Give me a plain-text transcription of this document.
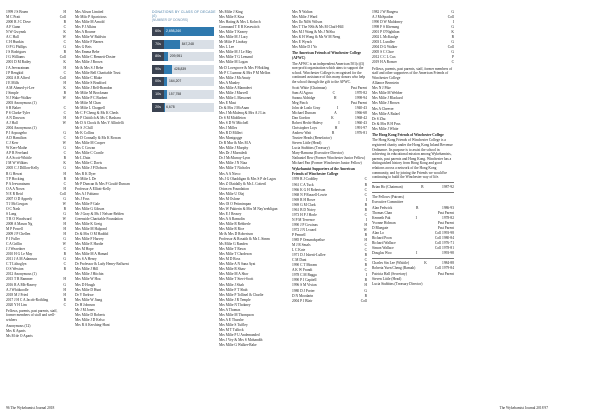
1999 J S Bruen	H
M C Pratt	Coll
2000 R J C Dove	B
A F Gunn	C
N W Gwynnk	K
A C Hall	W
C H Hunkin	C
O P G Phillips	G
J S Rodrigues	B
J G Williams	Coll
2001 D M Bailey	K
J A Jeevaratnam	H
J P Rengkid	C
2002 A R Alfred	Coll
J E Mills	H
A M Ahmed-yi-Lee	K
J Simple	B
N J Wake-Walker	W
2003 Anonymous (1)
S B Baker	C
P S Clarke-Tyler	C
A N Dawson	H
A J Hall	W
2004 Anonymous (1)
P J Arpoagebo	G
A D Hamilton	C
C J Kerr	W
W Kerr-Mathe	G
A P R Ferelund	C
A A Scott-Whittle	B
J M W Wilkins	K
2005 C J Dilllon-Kelly	G
R G Hewat	H
T P Hocking	B
P A Jeevaratnam	C
O A A Nown	H
N E R Reid	Coll
2007 O D Appedy	G
T J McGovgan	W
O C Nash	B
S Lang	G
T R O Woodward	W
2008 A Mason Ng	H
M P Powell	H
2009 J P Chellen	H
F J Fuller	G
C A Grillin	W
J J Weavdner	C
2010 H G Le May	B
2011 J A M Adamson	G
C T Lithoglyn	C
O S Wexton	B
2012 Anonymous (1)
2015 T R Rammer	H
2016 R A Mh-Rasery	G
A J Whitkoodle	H
2018 M J Fried	H
2017 J H C A Jacob-Rothling	B
2020 Y H Lim	C
Fellows, parents, past parents, staff, former members of staff and well-wishers
Anonymous (12)
Mrs K Aparis
Ms M de O Aparis
Mrs Alison Limited
Mr Milo P Aparicious
Mrs Milie M Arnold
Mrs P J Alkins
Mrs A Bourne
Mrs Milie W Baldvin
Mrs Milie F Barnes
Mrs G Beis
Mrs Emma Bebe
Mrs Milie C Bennett-Doster
Mrs Milie J Brown
Mr & Mrs S J Bebe
Mrs Milie Bell Charitable Trust
Mrs Milie C Blake
Mrs Milie S Bradford
Mrs Milie J Bell-Brandon
Mr Milie M Brockman
Mrs Milie P C Burbert
Mr Milie M Chan
Mr Milie L Chappell
Mr C F Cheng & Ms K Cheds
Mr P Chittilch & Ms C Bashara
Mr D A Chock & Mrs Y Allinfelli
Mr S J Chill
Mr K Collins
Mr D Connally & Ms K Rowan
Mrs Milie M Cooper
Mrs C Cowan
Mrs Milie C Crarile
Mr L Dain
Mrs Milie C Davis
Mrs Milie J P Dobson
Mrs R K Dyer
Mr Milie L De
Mr P Duncan & Mrs F Gould-Duncan
Professor A Elliott-Kelly
Mrs A J Fabiano
Ms J Foss
Mrs Milie P Gale
Mrs Milie G Gibson
Mr J Gray & Ms J Nelson-Belden
Greenside Charitable Foundation
Mrs Milie K Greig
Mrs Milie M Halpond
Dr & Mrs O M Haddid
Mrs Milie F Harvey
Mrs Milie E Hardie
Mrs M Hope
Mrs Milie M A Hamad
Mrs S A Henry
Dr Professor & Lady Henry-Enfluent
Mrs Milie J Hill
Mrs Milie J Hitchin
Mrs Milie W Hoa
Mrs D Hough
Mrs Milie D Hunt
Dr V Ibekwe
Mrs Milie W Jiang
Dr H Johnson
Mr J M Jones
Mrs Milie D Roberts
Mrs Milie J D Kelso
Mrs R A Kershing-Hunt
DONATIONS BY CLASS OF DECADE (£)
(NUMBER OF DONORS)
60s	2,698,260
70s	847,248
80s	209,951
90s	428,839
00s	164,207
10s	157,758
20s	6,678
Ms Milie J King
Mrs Milie E Kisa
Mrs Hating & Mrs L Kohrch
Command T E R Kesewitch
Mrs Milie T Kearey
Mrs Milie M J Lacy
Mr Milie P Lindsay
Mrs L Lee
Mrs Milie M J Le May
Mrs Milie T G Lemand
Mrs Milie M Logan
Mr D Lovegrove & Mrs P Hokling
Mr P C Lumnar & Mrs P M Mellon
Mrs Milie J McAnuiy
Mrs A Manley
Mrs Milie A Manndeei
Mrs Milie J Marvell
Mrs Milie L Massonet
Mrs E Mast
Dr & Mrs J McAnan
Mrs J McMalenq & Mrs A J Lin
Dr S M Middleton
Mrs S D W Mitchell
Mrs J Milles
Mrs R D Milleri
Mrs Montgogge
Dr R Mur & Mrs M A
Mrs Milie J Murphy
Mrs Dr J Murraledi
Dr J McMurray-Lyon
Mrs Milie J N Niaa
Mrs Milie T Nicholes
Mrs A A Nieco
Ms J G Ohaddigan & Mrs S P de Lagos
Mrs Z Olaidally & Ms L Cotteril
Orion en Foundation
Mrs Milie U Olaj
Mrs M Oslone
Mrs Ol O Petimimpan
Mrs W Pakterin & Mrs M Nay'seekligan
Mrs E J Reasey
Mrs A A Ramsdin
Mrs Milie R Rehberle
Mrs Milie R Rice
Mr & Mrs D Robertson
Professor & Rosaith & Ms L Simm
Ms Milie G Randen
Mrs Milie T Rawn
Mrs Milie T Chodeson
Mrs M D Ross
Mrs Milie A N Sana Ayat
Mrs Milie R Shaw
Mrs Milie M A Shor
Mrs Milie T Stevi-Scott
Mrs Milie J Shah
Mrs Milie F T Shah
Mrs Milie P Tollinel & Charlie
Mrs Milie J R Temple
Mrs Milie N Thokney
Mrs A Thomas
Mrs Milie M Thompson
Mrs A E Thurshe
Mrs Milie S Tuffley
Mrs M T Tullock
Mrs Milie P U Andemanded
Mrs J Vey & Mrs S Mohandth
Mrs Milie G Walker-Rake
Mrs N Walton
Mrs Milie J Ward
Mrs Ilo NilSi Wilson
Mrs T The NSh & Ms M Chaff-Hill
Mrs M J Wang & Ms J NiSha
Mrs K H Wong & Ms W M Neng
Mrs E Wynch
Mrs Milie D J Yo
The American Friends of Winchester College (AFWC)
The AFWC is an independent American 501(c)(3) non-profit organization which aims to support the school. Winchester College is recognised for the continued assistance of this many donors who help the school through the gift to the AFWC.
Scott White (Chairman)	Past Parent
Sam Al Agosa	C	1970-82
Sarana Aldridge	H	1998-94
Meg Finch	Past Parent
John de Lazlo Gray	I	1940-43
Michael Duncan	A	1966-68
Dan Gordon	K	1968-42
Robert Hecht-Halevy	I	1960-43
Christopher Loys	H	1991-97
Andrew Watt	B	1976-81
Trustee Heads (Benefactor)
Steven Little (Head)
Lucia Stubbins (Treasury)
Mary-Ramona (Executive Director)
Nathaniel Rew (Former Winchester Junior Fellow)
Michael Pan (Former Winchester Junior Fellow)
Wykehamist Supporters of the American Friends of Winchester College
1959 R J Coddley	C
1961 C A Tuck	B
1966 K G H Robertson	C
1968 N P Russell-Lewie	C
1969 R H Bowe	I
1969 G M Clark	B
1961 B D Noiey	B
1973 H P J Horle	C
N P M Terrence	I
1990 J P Cowinas	H
1972 J N Lvoard	W
P Pennell	B
1985 P Ormandspeilue	H
M J R Smals	C
L C Kote	C
1971 D J Isberti-Lullee	B
C M Dant	C
1990 C T Moram	B
A K W Frandi	C
1978 C M Bagga	I
1990 P J Capitell	B
1996 S M Vivian	H
1980 D J Porter	G
D N Moodarin	B
2004 P J Blair	Coll
1982 J W Burgess	G
A J McSpadon	Coll
1990 D W Muldoney	I
1998 F S Khenung	G
2001 P O'Nighthan	K
2002 L McKaulge	B
2003 L Lundlee	G
2004 D G Walker	Coll
2005 S C Choe	G
2012 C C L Cux	P
2019 H A Bonser	C
Fellows, parents, past parents, staff, former members of staff and other supporters of the American Friends of Winchester College
Alliance Bernstein
Mrs N J Pike
Mrs Milie M Webber
Mrs Milie J Blackard
Mrs Milie J Brown
Mrs A Cheever
Mrs Milie A Rafael
Dr S Zhu
Dr & Mrs B H Poss
Mrs Milie J White
The Hong Kong Friends of Winchester College
The Hong Kong Friends of Winchester College is a registered charity under the Hong Kong Inland Revenue Ordinance. Its purpose is to assist the school in achieving its educational mission among Wykehamists, parents, past parents and Hong Kong. Winchester has a distinguished history from Hong Kong and good relations across a network of the Hong Kong community, and by joining the Friends we would be continuing to build the Winchester way of life.
Brian Ho (Chairman)	B	1987-92
The Fellows (Patrons)
Executive Committee
Alan Fedwick	B	1986-93
Thomas Chan	Past Parent
Kenneth Pak	I	1978-82
Yvonne Holman	Past Parent
D Bluegate	Past Parent
Alan Lo	Coll 1993-98
Richard Poon	Coll 1980-84
Richard Wallace	Coll 1976-71
Simon Wallace	Coll 1978-81
Douglas Woo	I	1993-98
Charles Sin Lee (Whittle)	K	1984-88
Roberta Yuen Cheng (Ramah)	Coll 1979-84
Patricia Hall (Secretary)	Past Parent
Steven Little (Head)
Lucia Stubbins (Treasury Director)
96 The Wykehamist Journal 2018	The Wykehamist Journal 2018 97
